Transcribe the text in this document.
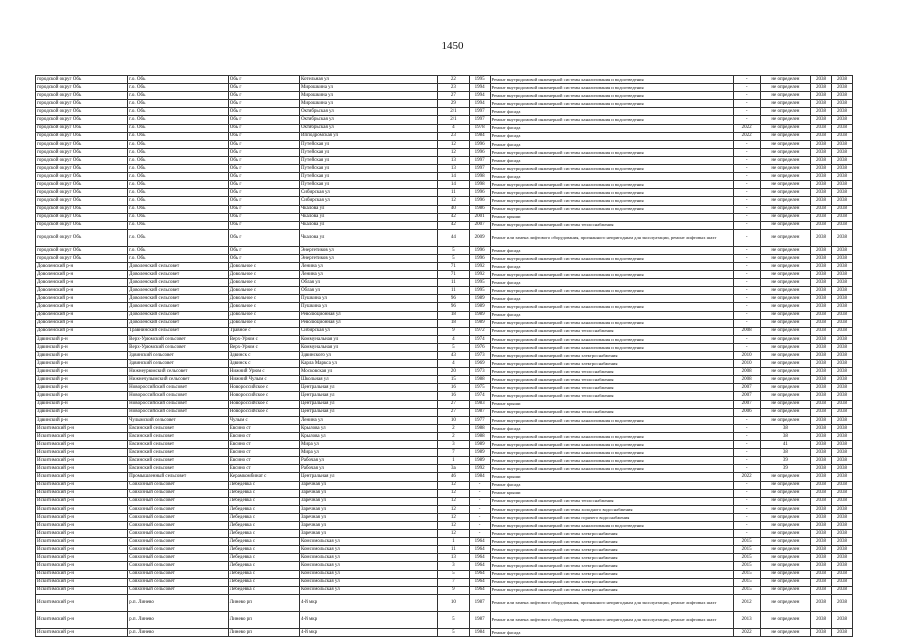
1450
городской округ Обь	г.о. Обь	Обь г	Котельная ул	22	1995	Ремонт внутридомовой инженерной системы канализования и водоотведения	-	не определен	2038	2038
городской округ Обь	г.о. Обь	Обь г	Мирошкина ул	23	1994	Ремонт внутридомовой инженерной системы канализования и водоотведения	-	не определен	2038	2038
городской округ Обь	г.о. Обь	Обь г	Мирошкина ул	27	1994	Ремонт внутридомовой инженерной системы канализования и водоотведения	-	не определен	2038	2038
городской округ Обь	г.о. Обь	Обь г	Мирошкина ул	29	1994	Ремонт внутридомовой инженерной системы канализования и водоотведения	-	не определен	2038	2038
городской округ Обь	г.о. Обь	Обь г	Октябрьская ул	2/1	1997	Ремонт фасада	-	не определен	2038	2038
городской округ Обь	г.о. Обь	Обь г	Октябрьская ул	2/1	1997	Ремонт внутридомовой инженерной системы канализования и водоотведения	-	не определен	2038	2038
городской округ Обь	г.о. Обь	Обь г	Октябрьская ул	4	1978	Ремонт фасада	2022	не определен	2038	2038
городской округ Обь	г.о. Обь	Обь г	Ипподромская ул	23	1984	Ремонт фасада	2022	не определен	2038	2038
городской округ Обь	г.о. Обь	Обь г	Путейская ул	12	1996	Ремонт фасада	-	не определен	2038	2038
городской округ Обь	г.о. Обь	Обь г	Путейская ул	12	1996	Ремонт внутридомовой инженерной системы канализования и водоотведения	-	не определен	2038	2038
городской округ Обь	г.о. Обь	Обь г	Путейская ул	13	1997	Ремонт фасада	-	не определен	2038	2038
городской округ Обь	г.о. Обь	Обь г	Путейская ул	13	1997	Ремонт внутридомовой инженерной системы канализования и водоотведения	-	не определен	2038	2038
городской округ Обь	г.о. Обь	Обь г	Путейская ул	14	1998	Ремонт фасада	-	не определен	2038	2038
городской округ Обь	г.о. Обь	Обь г	Путейская ул	14	1998	Ремонт внутридомовой инженерной системы канализования и водоотведения	-	не определен	2038	2038
городской округ Обь	г.о. Обь	Обь г	Сибирская ул	11	1996	Ремонт внутридомовой инженерной системы канализования и водоотведения	-	не определен	2038	2038
городской округ Обь	г.о. Обь	Обь г	Сибирская ул	12	1996	Ремонт внутридомовой инженерной системы канализования и водоотведения	-	не определен	2038	2038
городской округ Обь	г.о. Обь	Обь г	Чкалова ул	40	1986	Ремонт внутридомовой инженерной системы канализования и водоотведения	-	не определен	2038	2038
городской округ Обь	г.о. Обь	Обь г	Чкалова ул	42	2001	Ремонт крыши	-	не определен	2038	2038
городской округ Обь	г.о. Обь	Обь г	Чкалова ул	42	2007	Ремонт внутридомовой инженерной системы теплоснабжения	-	не определен	2038	2038
городской округ Обь	г.о. Обь	Обь г	Чкалова ул	44	2009	Ремонт или замена лифтового оборудования, признанного непригодным для эксплуатации, ремонт лифтовых шахт	-	не определен	2038	2038
городской округ Обь	г.о. Обь	Обь г	Энергетиков ул	5	1996	Ремонт фасада	-	не определен	2038	2038
городской округ Обь	г.о. Обь	Обь г	Энергетиков ул	5	1996	Ремонт внутридомовой инженерной системы канализования и водоотведения	-	не определен	2038	2038
Доволенский р-н	Доволенский сельсовет	Довольное с	Ленина ул	71	1992	Ремонт фасада	-	не определен	2038	2038
Доволенский р-н	Доволенский сельсовет	Довольное с	Ленина ул	71	1992	Ремонт внутридомовой инженерной системы канализования и водоотведения	-	не определен	2038	2038
Доволенский р-н	Доволенский сельсовет	Довольное с	Облая ул	11	1995	Ремонт фасада	-	не определен	2038	2038
Доволенский р-н	Доволенский сельсовет	Довольное с	Облая ул	11	1995	Ремонт внутридомовой инженерной системы канализования и водоотведения	-	не определен	2038	2038
Доволенский р-н	Доволенский сельсовет	Довольное с	Пушкина ул	96	1989	Ремонт фасада	-	не определен	2038	2038
Доволенский р-н	Доволенский сельсовет	Довольное с	Пушкина ул	96	1989	Ремонт внутридомовой инженерной системы канализования и водоотведения	-	не определен	2038	2038
Доволенский р-н	Доволенский сельсовет	Довольное с	Революционная ул	18	1989	Ремонт фасада	-	не определен	2038	2038
Доволенский р-н	Доволенский сельсовет	Довольное с	Революционная ул	18	1989	Ремонт внутридомовой инженерной системы канализования и водоотведения	-	не определен	2038	2038
Доволенский р-н	Травнинский сельсовет	Травное с	Сибирская ул	9	1972	Ремонт внутридомовой инженерной системы теплоснабжения	2008	не определен	2038	2038
Здвинский р-н	Верх-Урюмский сельсовет	Верх-Урюм с	Коммунальная ул	4	1974	Ремонт внутридомовой инженерной системы канализования и водоотведения	-	не определен	2038	2038
Здвинский р-н	Верх-Урюмский сельсовет	Верх-Урюм с	Коммунальная ул	5	1976	Ремонт внутридомовой инженерной системы канализования и водоотведения	-	не определен	2038	2038
Здвинский р-н	Здвинский сельсовет	Здвинск с	Здвинского ул	43	1973	Ремонт внутридомовой инженерной системы электроснабжения	2010	не определен	2038	2038
Здвинский р-н	Здвинский сельсовет	Здвинск с	Карла Маркса ул	4	1969	Ремонт внутридомовой инженерной системы электроснабжения	2010	не определен	2038	2038
Здвинский р-н	Нижнеурюмский сельсовет	Нижний Урюм с	Московская ул	20	1973	Ремонт внутридомовой инженерной системы теплоснабжения	2008	не определен	2038	2038
Здвинский р-н	Нижнечулымский сельсовет	Нижний Чулым с	Школьная ул	15	1988	Ремонт внутридомовой инженерной системы теплоснабжения	2008	не определен	2038	2038
Здвинский р-н	Новороссийский сельсовет	Новороссийское с	Центральная ул	16	1975	Ремонт внутридомовой инженерной системы теплоснабжения	2007	не определен	2038	2038
Здвинский р-н	Новороссийский сельсовет	Новороссийское с	Центральная ул	16	1974	Ремонт внутридомовой инженерной системы теплоснабжения	2007	не определен	2038	2038
Здвинский р-н	Новороссийский сельсовет	Новороссийское с	Центральная ул	27	1983	Ремонт крыши	2007	не определен	2038	2038
Здвинский р-н	Новороссийский сельсовет	Новороссийское с	Центральная ул	27	1987	Ремонт внутридомовой инженерной системы теплоснабжения	2006	не определен	2038	2038
Здвинский р-н	Чулымский сельсовет	Чулым с	Ленина ул	10	1977	Ремонт внутридомовой инженерной системы канализования и водоотведения	-	не определен	2038	2038
Искитимский р-н	Евсинский сельсовет	Евсино ст	Крылова ул	2	1988	Ремонт фасада	-	38	2038	2038
Искитимский р-н	Евсинский сельсовет	Евсино ст	Крылова ул	2	1988	Ремонт внутридомовой инженерной системы канализования и водоотведения	-	38	2038	2038
Искитимский р-н	Евсинский сельсовет	Евсино ст	Мира ул	3	1989	Ремонт внутридомовой инженерной системы канализования и водоотведения	-	41	2038	2038
Искитимский р-н	Евсинский сельсовет	Евсино ст	Мира ул	7	1989	Ремонт внутридомовой инженерной системы канализования и водоотведения	-	38	2038	2038
Искитимский р-н	Евсинский сельсовет	Евсино ст	Рабочая ул	1	1989	Ремонт внутридомовой инженерной системы канализования и водоотведения	-	39	2038	2038
Искитимский р-н	Евсинский сельсовет	Евсино ст	Рабочая ул	3а	1992	Ремонт внутридомовой инженерной системы канализования и водоотведения	-	39	2038	2038
Искитимский р-н	Промышленный сельсовет	Керамкомбинат с	Центральная ул	46	1984	Ремонт крыши	2022	не определен	2038	2038
Искитимский р-н	Совхозный сельсовет	Лебедевка с	Заречная ул	12	-	Ремонт фасада	-	не определен	2038	2038
Искитимский р-н	Совхозный сельсовет	Лебедевка с	Заречная ул	12	-	Ремонт крыши	-	не определен	2038	2038
Искитимский р-н	Совхозный сельсовет	Лебедевка с	Заречная ул	12	-	Ремонт внутридомовой инженерной системы теплоснабжения	-	не определен	2038	2038
Искитимский р-н	Совхозный сельсовет	Лебедевка с	Заречная ул	12	-	Ремонт внутридомовой инженерной системы холодного водоснабжения	-	не определен	2038	2038
Искитимский р-н	Совхозный сельсовет	Лебедевка с	Заречная ул	12	-	Ремонт внутридомовой инженерной системы горячего водоснабжения	-	не определен	2038	2038
Искитимский р-н	Совхозный сельсовет	Лебедевка с	Заречная ул	12	-	Ремонт внутридомовой инженерной системы канализования и водоотведения	-	не определен	2038	2038
Искитимский р-н	Совхозный сельсовет	Лебедевка с	Заречная ул	12	-	Ремонт внутридомовой инженерной системы электроснабжения	-	не определен	2038	2038
Искитимский р-н	Совхозный сельсовет	Лебедевка с	Комсомольская ул	1	1964	Ремонт внутридомовой инженерной системы электроснабжения	2015	не определен	2038	2038
Искитимский р-н	Совхозный сельсовет	Лебедевка с	Комсомольская ул	11	1964	Ремонт внутридомовой инженерной системы электроснабжения	2015	не определен	2038	2038
Искитимский р-н	Совхозный сельсовет	Лебедевка с	Комсомольская ул	13	1964	Ремонт внутридомовой инженерной системы электроснабжения	2015	не определен	2038	2038
Искитимский р-н	Совхозный сельсовет	Лебедевка с	Комсомольская ул	3	1964	Ремонт внутридомовой инженерной системы электроснабжения	2015	не определен	2038	2038
Искитимский р-н	Совхозный сельсовет	Лебедевка с	Комсомольская ул	5	1964	Ремонт внутридомовой инженерной системы электроснабжения	2015	не определен	2038	2038
Искитимский р-н	Совхозный сельсовет	Лебедевка с	Комсомольская ул	7	1964	Ремонт внутридомовой инженерной системы электроснабжения	2015	не определен	2038	2038
Искитимский р-н	Совхозный сельсовет	Лебедевка с	Комсомольская ул	9	1964	Ремонт внутридомовой инженерной системы электроснабжения	2015	не определен	2038	2038
Искитимский р-н	р.п. Линево	Линево рп	4-й мкр	10	1987	Ремонт или замена лифтового оборудования, признанного непригодным для эксплуатации, ремонт лифтовых шахт	2012	не определен	2038	2038
Искитимский р-н	р.п. Линево	Линево рп	4-й мкр	5	1987	Ремонт или замена лифтового оборудования, признанного непригодным для эксплуатации, ремонт лифтовых шахт	2013	не определен	2038	2038
Искитимский р-н	р.п. Линево	Линево рп	4-й мкр	5	1984	Ремонт фасада	2022	не определен	2038	2038
